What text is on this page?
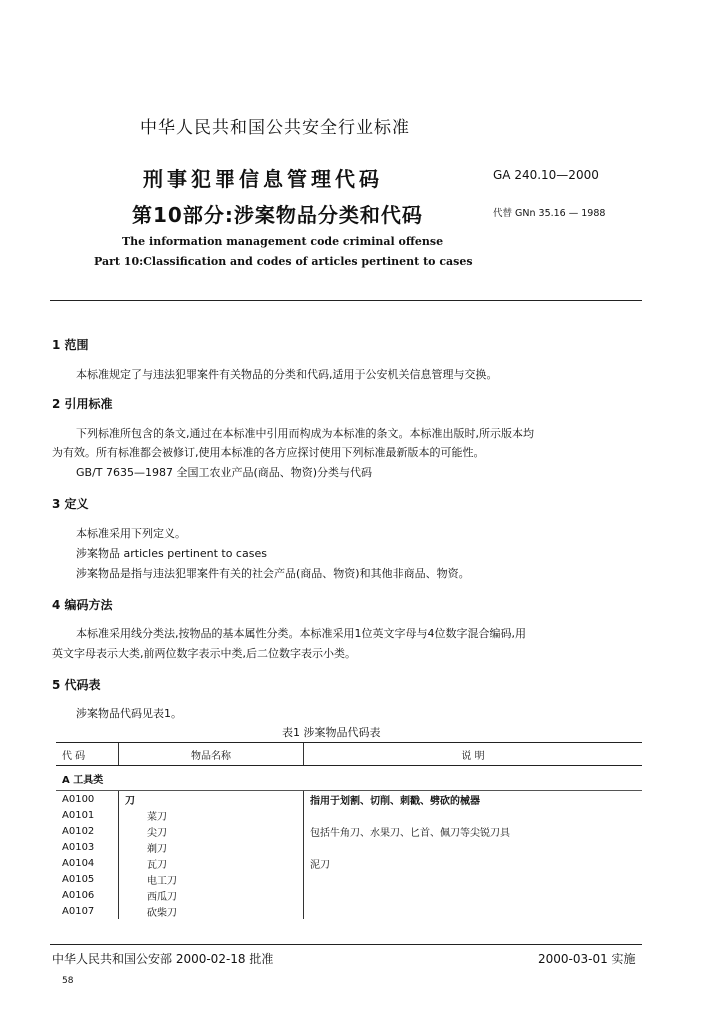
中华人民共和国公共安全行业标准
刑事犯罪信息管理代码
第10部分:涉案物品分类和代码
GA 240.10—2000
代替 GNn 35.16 — 1988
The information management code criminal offense
Part 10:Classification and codes of articles pertinent to cases
1 范围
本标准规定了与违法犯罪案件有关物品的分类和代码,适用于公安机关信息管理与交换。
2 引用标准
下列标准所包含的条文,通过在本标准中引用而构成为本标准的条文。本标准出版时,所示版本均
为有效。所有标准都会被修订,使用本标准的各方应探讨使用下列标准最新版本的可能性。
GB/T 7635—1987 全国工农业产品(商品、物资)分类与代码
3 定义
本标准采用下列定义。
涉案物品 articles pertinent to cases
涉案物品是指与违法犯罪案件有关的社会产品(商品、物资)和其他非商品、物资。
4 编码方法
本标准采用线分类法,按物品的基本属性分类。本标准采用1位英文字母与4位数字混合编码,用
英文字母表示大类,前两位数字表示中类,后二位数字表示小类。
5 代码表
涉案物品代码见表1。
表1 涉案物品代码表
代 码	物品名称	说 明
A 工具类		
A0100	刀	指用于划割、切削、刺戳、劈砍的械器
A0101	菜刀	
A0102	尖刀	包括牛角刀、水果刀、匕首、佩刀等尖锐刀具
A0103	剃刀	
A0104	瓦刀	泥刀
A0105	电工刀	
A0106	西瓜刀	
A0107	砍柴刀	
中华人民共和国公安部 2000-02-18 批准	2000-03-01 实施
58
